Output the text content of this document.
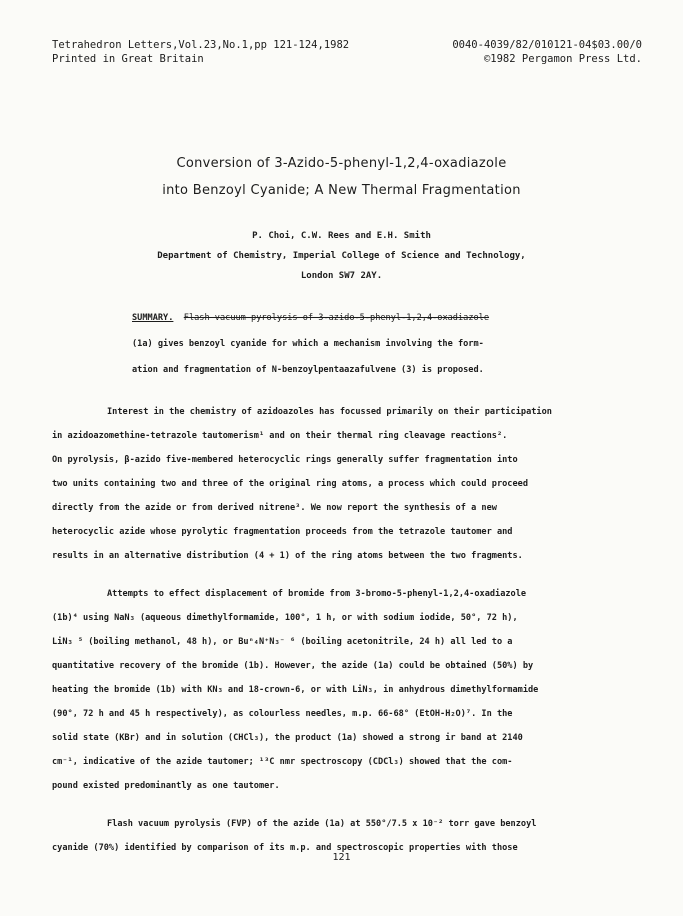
Tetrahedron Letters,Vol.23,No.1,pp 121-124,1982	0040-4039/82/010121-04$03.00/0
Printed in Great Britain	©1982 Pergamon Press Ltd.
Conversion of 3-Azido-5-phenyl-1,2,4-oxadiazole
into Benzoyl Cyanide; A New Thermal Fragmentation
P. Choi, C.W. Rees and E.H. Smith
Department of Chemistry, Imperial College of Science and Technology,
London SW7 2AY.
SUMMARY. Flash vacuum pyrolysis of 3-azido-5-phenyl-1,2,4-oxadiazole
(1a) gives benzoyl cyanide for which a mechanism involving the form-
ation and fragmentation of N-benzoylpentaazafulvene (3) is proposed.

Interest in the chemistry of azidoazoles has focussed primarily on their participation

in azidoazomethine-tetrazole tautomerism¹ and on their thermal ring cleavage reactions².

On pyrolysis, β-azido five-membered heterocyclic rings generally suffer fragmentation into

two units containing two and three of the original ring atoms, a process which could proceed

directly from the azide or from derived nitrene³. We now report the synthesis of a new

heterocyclic azide whose pyrolytic fragmentation proceeds from the tetrazole tautomer and

results in an alternative distribution (4 + 1) of the ring atoms between the two fragments.

Attempts to effect displacement of bromide from 3-bromo-5-phenyl-1,2,4-oxadiazole

(1b)⁴ using NaN₃ (aqueous dimethylformamide, 100°, 1 h, or with sodium iodide, 50°, 72 h),

LiN₃ ⁵ (boiling methanol, 48 h), or Buⁿ₄N⁺N₃⁻ ⁶ (boiling acetonitrile, 24 h) all led to a

quantitative recovery of the bromide (1b). However, the azide (1a) could be obtained (50%) by

heating the bromide (1b) with KN₃ and 18-crown-6, or with LiN₃, in anhydrous dimethylformamide

(90°, 72 h and 45 h respectively), as colourless needles, m.p. 66-68° (EtOH-H₂O)⁷. In the

solid state (KBr) and in solution (CHCl₃), the product (1a) showed a strong ir band at 2140

cm⁻¹, indicative of the azide tautomer; ¹³C nmr spectroscopy (CDCl₃) showed that the com-

pound existed predominantly as one tautomer.

Flash vacuum pyrolysis (FVP) of the azide (1a) at 550°/7.5 x 10⁻² torr gave benzoyl

cyanide (70%) identified by comparison of its m.p. and spectroscopic properties with those

121
